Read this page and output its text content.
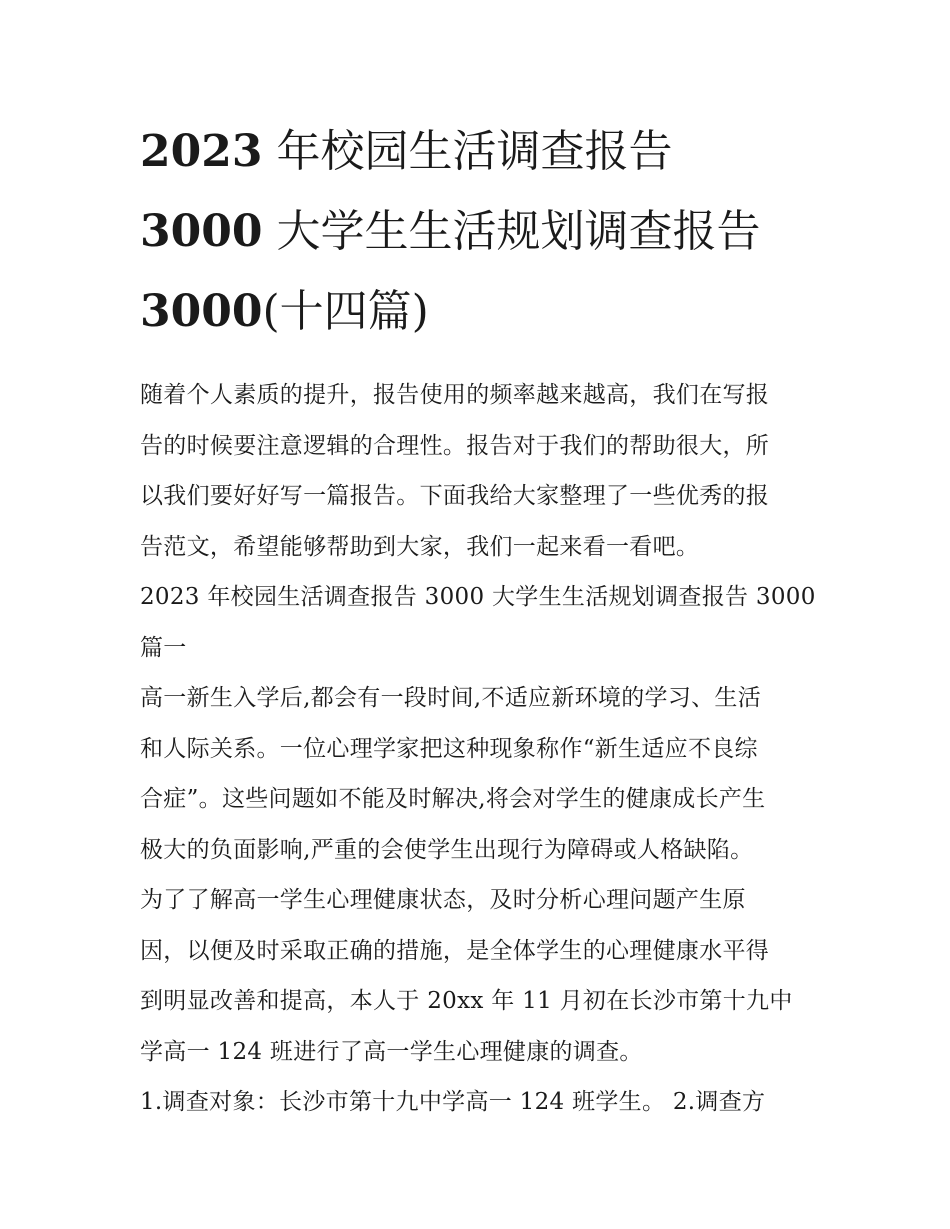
2023 年校园生活调查报告
3000 大学生生活规划调查报告
3000(十四篇)

随着个人素质的提升，报告使用的频率越来越高，我们在写报
告的时候要注意逻辑的合理性。报告对于我们的帮助很大，所
以我们要好好写一篇报告。下面我给大家整理了一些优秀的报
告范文，希望能够帮助到大家，我们一起来看一看吧。

2023 年校园生活调查报告 3000 大学生生活规划调查报告 3000
篇一

高一新生入学后,都会有一段时间,不适应新环境的学习、生活
和人际关系。一位心理学家把这种现象称作“新生适应不良综
合症”。这些问题如不能及时解决,将会对学生的健康成长产生
极大的负面影响,严重的会使学生出现行为障碍或人格缺陷。

为了了解高一学生心理健康状态，及时分析心理问题产生原
因，以便及时采取正确的措施，是全体学生的心理健康水平得
到明显改善和提高，本人于 20xx 年 11 月初在长沙市第十九中
学高一 124 班进行了高一学生心理健康的调查。

1.调查对象：长沙市第十九中学高一 124 班学生。 2.调查方
